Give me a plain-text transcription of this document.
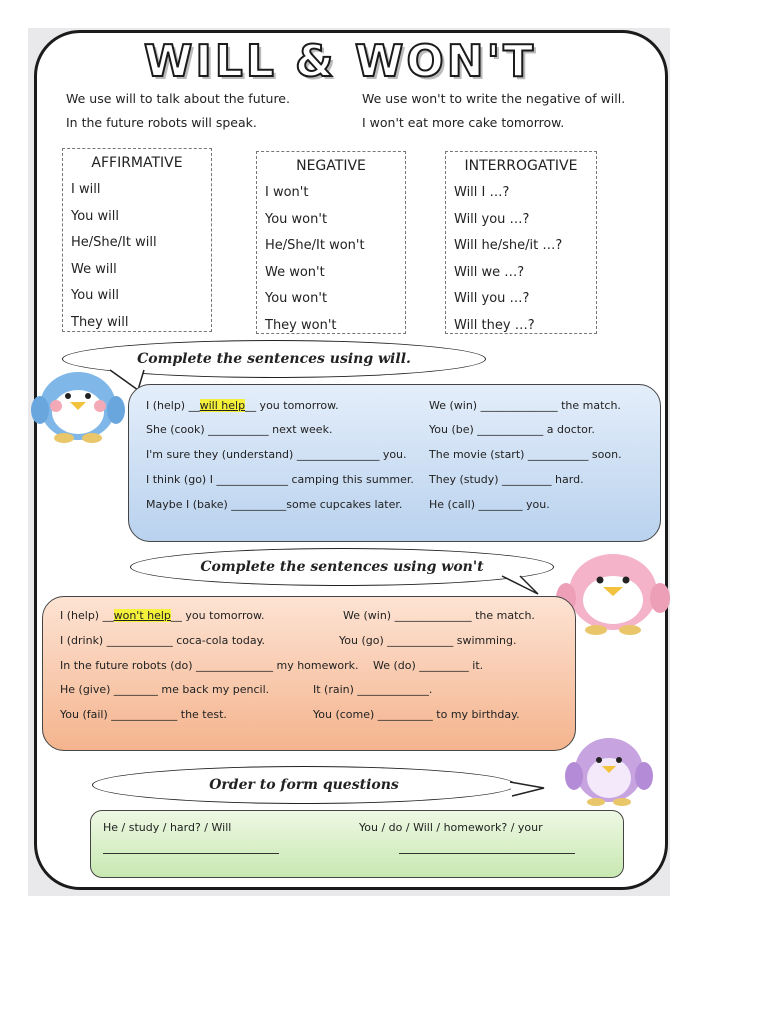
WILL & WON'T
We use will to talk about the future.
In the future robots will speak.
We use won't to write the negative of will.
I won't eat more cake tomorrow.
AFFIRMATIVE
I will
You will
He/She/It will
We will
You will
They will
NEGATIVE
I won't
You won't
He/She/It won't
We won't
You won't
They won't
INTERROGATIVE
Will I …?
Will you …?
Will he/she/it …?
Will we …?
Will you …?
Will they …?
Complete the sentences using will.
I (help) __will help__ you tomorrow.
She (cook) ___________ next week.
I'm sure they (understand) _______________ you.
I think (go) I _____________ camping this summer.
Maybe I (bake) __________some cupcakes later.
We (win) ______________ the match.
You (be) ____________ a doctor.
The movie (start) ___________ soon.
They (study) _________ hard.
He (call) ________ you.
Complete the sentences using won't
I (help) __won't help__ you tomorrow.
I (drink) ____________ coca-cola today.
In the future robots (do) ______________ my homework.
He (give) ________ me back my pencil.
You (fail) ____________ the test.
We (win) ______________ the match.
You (go) ____________ swimming.
We (do) _________ it.
It (rain) _____________.
You (come) __________ to my birthday.
Order to form questions
He / study / hard? / Will	You / do / Will / homework? / your
